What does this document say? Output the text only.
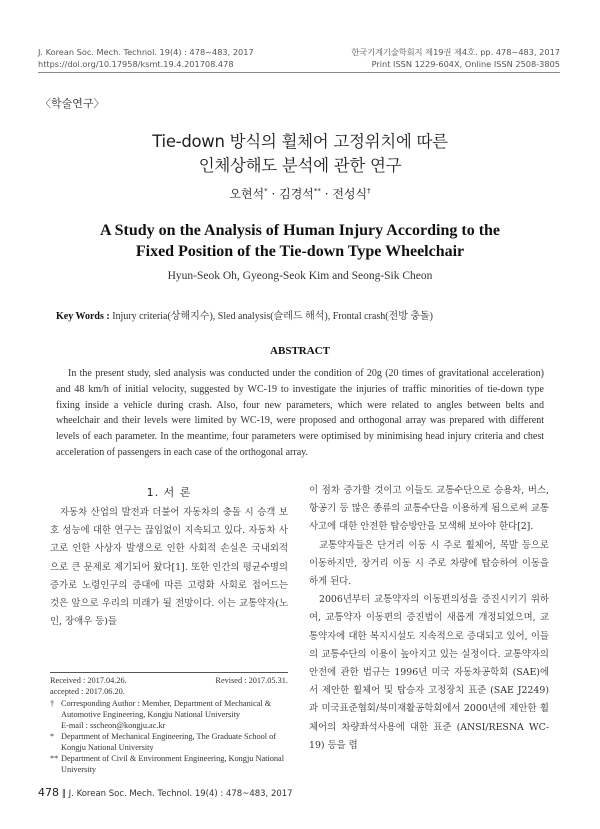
J. Korean Soc. Mech. Technol. 19(4) : 478~483, 2017
https://doi.org/10.17958/ksmt.19.4.201708.478
한국기계기술학회지 제19권 제4호. pp. 478~483, 2017
Print ISSN 1229-604X, Online ISSN 2508-3805
〈학술연구〉
Tie-down 방식의 휠체어 고정위치에 따른
인체상해도 분석에 관한 연구
오현석* · 김경석** · 전성식†
A Study on the Analysis of Human Injury According to the
Fixed Position of the Tie-down Type Wheelchair
Hyun-Seok Oh, Gyeong-Seok Kim and Seong-Sik Cheon
Key Words : Injury criteria(상해지수), Sled analysis(슬레드 해석), Frontal crash(전방 충돌)
ABSTRACT

In the present study, sled analysis was conducted under the condition of 20g (20 times of gravitational acceleration) and 48 km/h of initial velocity, suggested by WC-19 to investigate the injuries of traffic minorities of tie-down type fixing inside a vehicle during crash. Also, four new parameters, which were related to angles between belts and wheelchair and their levels were limited by WC-19, were proposed and orthogonal array was prepared with different levels of each parameter. In the meantime, four parameters were optimised by minimising head injury criteria and chest acceleration of passengers in each case of the orthogonal array.

1. 서 론

자동차 산업의 발전과 더불어 자동차의 충돌 시 승객 보호 성능에 대한 연구는 끊임없이 지속되고 있다. 자동차 사고로 인한 사상자 발생으로 인한 사회적 손실은 국내외적으로 큰 문제로 제기되어 왔다[1]. 또한 인간의 평균수명의 증가로 노령인구의 증대에 따른 고령화 사회로 접어드는 것은 앞으로 우리의 미래가 될 전망이다. 이는 교통약자(노인, 장애우 등)들

Received : 2017.04.26.	Revised : 2017.05.31.
accepted : 2017.06.20.
† Corresponding Author : Member, Department of Mechanical & Automotive Engineering, Kongju National University
E-mail : sscheon@kongju.ac.kr
* Department of Mechanical Engineering, The Graduate School of Kongju National University
** Department of Civil & Environment Engineering, Kongju National University

이 점차 증가할 것이고 이들도 교통수단으로 승용차, 버스, 항공기 등 많은 종류의 교통수단을 이용하게 됨으로써 교통사고에 대한 안전한 탑승방안을 모색해 보아야 한다[2].

교통약자들은 단거리 이동 시 주로 휠체어, 목발 등으로 이동하지만, 장거리 이동 시 주로 차량에 탑승하여 이동을 하게 된다.

2006년부터 교통약자의 이동편의성을 증진시키기 위하여, 교통약자 이동편의 증진법이 새롭게 개정되었으며, 교통약자에 대한 복지시설도 지속적으로 증대되고 있어, 이들의 교통수단의 이용이 높아지고 있는 실정이다. 교통약자의 안전에 관한 법규는 1996년 미국 자동차공학회 (SAE)에서 제안한 휠체어 및 탑승자 고정장치 표준 (SAE J2249)과 미국표준협회/북미재활공학회에서 2000년에 제안한 휠체어의 차량좌석사용에 대한 표준 (ANSI/RESNA WC-19) 등을 렵

478 ‖ J. Korean Soc. Mech. Technol. 19(4) : 478~483, 2017
